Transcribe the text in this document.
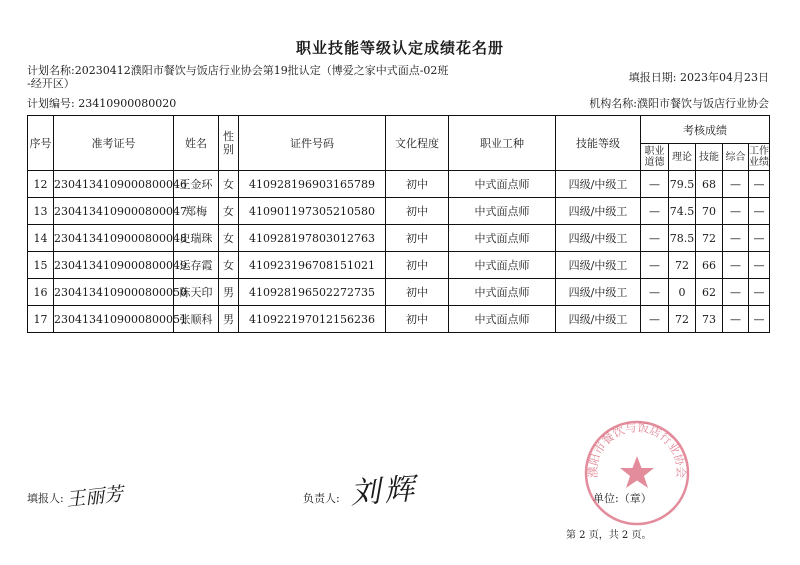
职业技能等级认定成绩花名册
计划名称:20230412濮阳市餐饮与饭店行业协会第19批认定（博爱之家中式面点-02班
-经开区）	填报日期: 2023年04月23日
计划编号: 23410900080020	机构名称:濮阳市餐饮与饭店行业协会
序号	准考证号	姓名	性别	证件号码	文化程度	职业工种	技能等级	考核成绩				
								职业道德	理论	技能	综合	工作业绩
12	2304134109000800046	王金环	女	410928196903165789	初中	中式面点师	四级/中级工	—	79.5	68	—	—
13	2304134109000800047	郑梅	女	410901197305210580	初中	中式面点师	四级/中级工	—	74.5	70	—	—
14	2304134109000800048	史瑞珠	女	410928197803012763	初中	中式面点师	四级/中级工	—	78.5	72	—	—
15	2304134109000800049	运存霞	女	410923196708151021	初中	中式面点师	四级/中级工	—	72	66	—	—
16	2304134109000800050	陈天印	男	410928196502272735	初中	中式面点师	四级/中级工	—	0	62	—	—
17	2304134109000800051	张顺科	男	410922197012156236	初中	中式面点师	四级/中级工	—	72	73	—	—
填报人: 王丽芳	负责人: 刘辉	濮阳市餐饮与饭店行业协会
单位:（章）
第 2 页，共 2 页。
